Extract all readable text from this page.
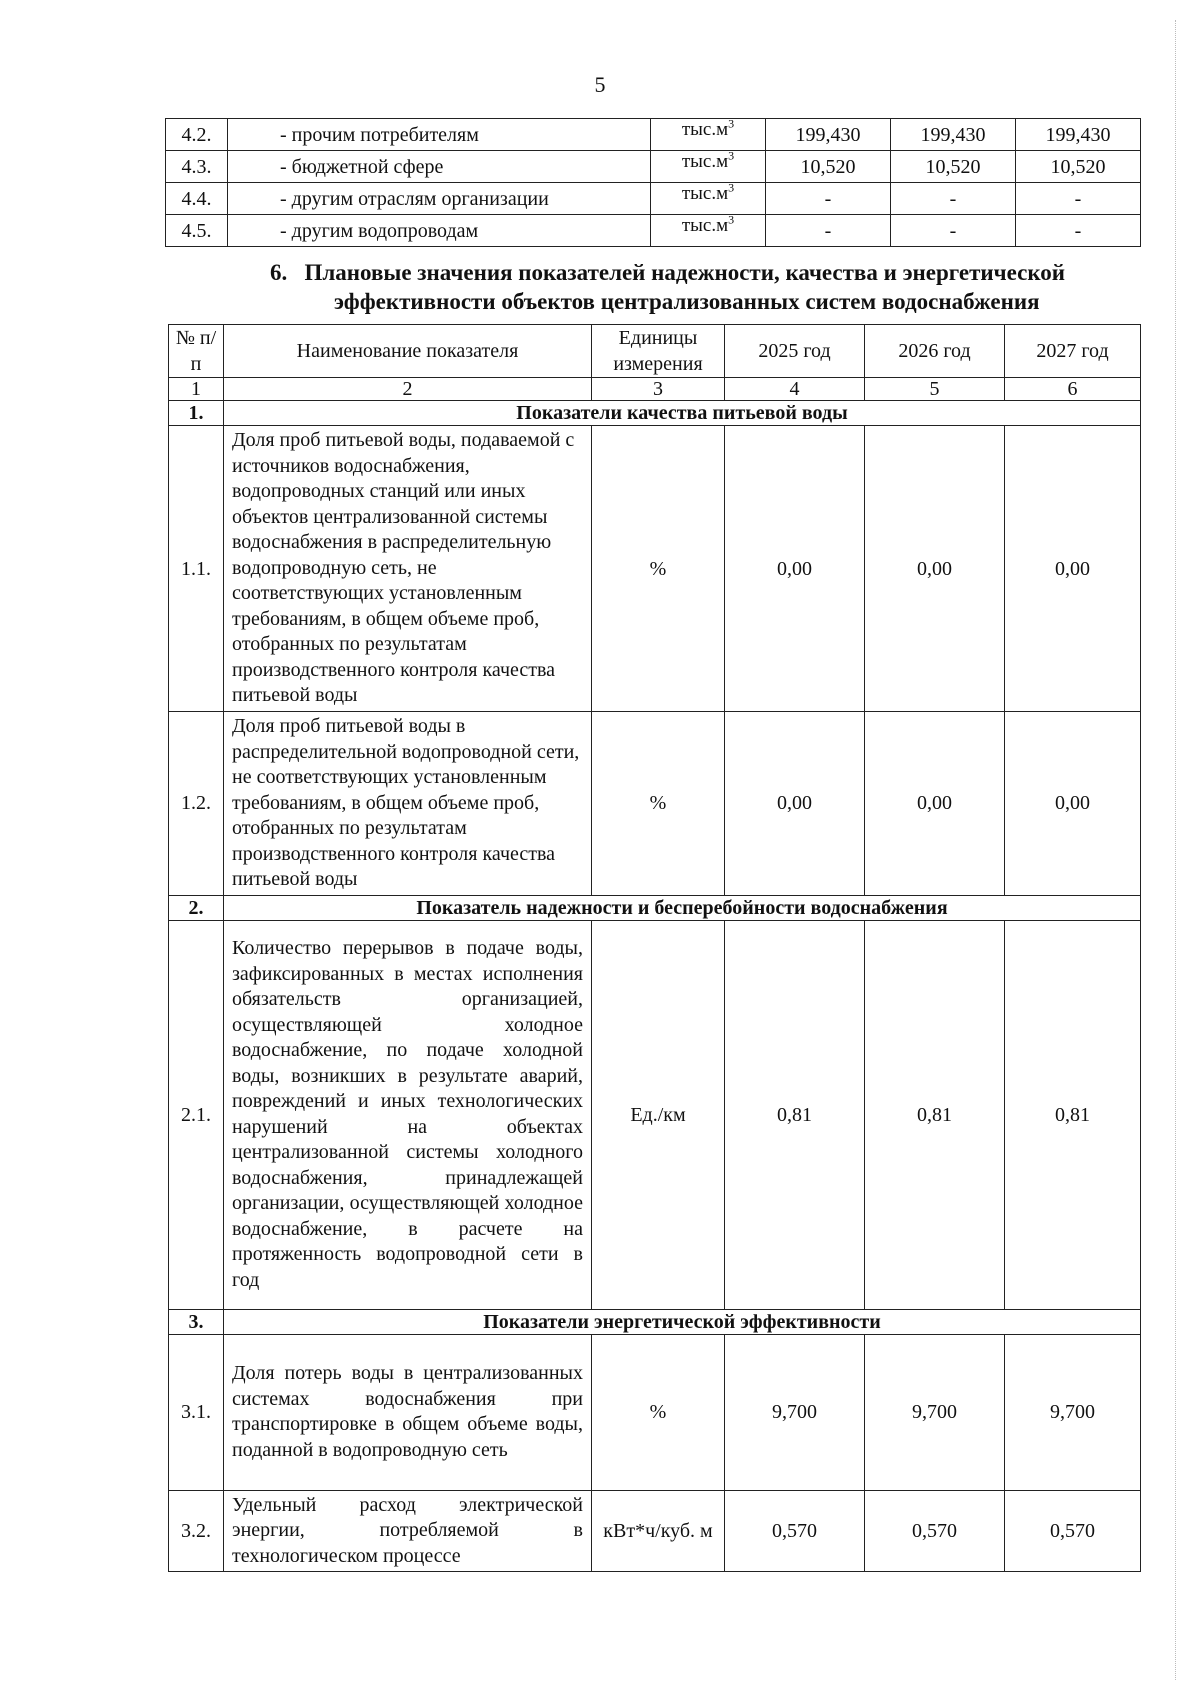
5
4.2.	- прочим потребителям	$тыс.м^3$	199,430	199,430	199,430
4.3.	- бюджетной сфере	$тыс.м^3$	10,520	10,520	10,520
4.4.	- другим отраслям организации	$тыс.м^3$	-	-	-
4.5.	- другим водопроводам	$тыс.м^3$	-	-	-
6. Плановые значения показателей надежности, качества и энергетической
эффективности объектов централизованных систем водоснабжения
№ п/п	Наименование показателя	Единицы измерения	2025 год	2026 год	2027 год
1	2	3	4	5	6
1.	Показатели качества питьевой воды				
1.1.	Доля проб питьевой воды, подаваемой с источников водоснабжения, водопроводных станций или иных объектов централизованной системы водоснабжения в распределительную водопроводную сеть, не соответствующих установленным требованиям, в общем объеме проб, отобранных по результатам производственного контроля качества питьевой воды	%	0,00	0,00	0,00
1.2.	Доля проб питьевой воды в распределительной водопроводной сети, не соответствующих установленным требованиям, в общем объеме проб, отобранных по результатам производственного контроля качества питьевой воды	%	0,00	0,00	0,00
2.	Показатель надежности и бесперебойности водоснабжения				
2.1.	Количество перерывов в подаче воды, зафиксированных в местах исполнения обязательств организацией, осуществляющей холодное водоснабжение, по подаче холодной воды, возникших в результате аварий, повреждений и иных технологических нарушений на объектах централизованной системы холодного водоснабжения, принадлежащей организации, осуществляющей холодное водоснабжение, в расчете на протяженность водопроводной сети в год	Ед./км	0,81	0,81	0,81
3.	Показатели энергетической эффективности				
3.1.	Доля потерь воды в централизованных системах водоснабжения при транспортировке в общем объеме воды, поданной в водопроводную сеть	%	9,700	9,700	9,700
3.2.	Удельный расход электрической энергии, потребляемой в технологическом процессе	кВт*ч/куб. м	0,570	0,570	0,570
